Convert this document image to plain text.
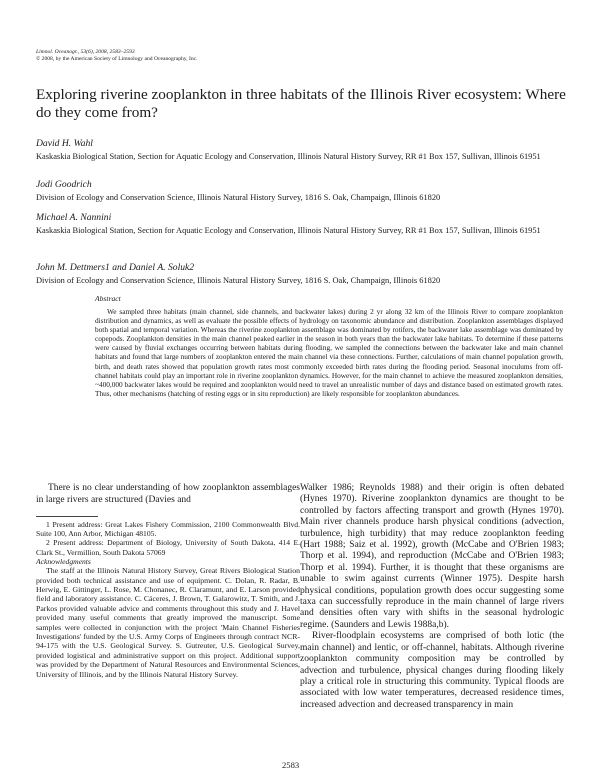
Limnol. Oceanogr., 53(6), 2008, 2583–2593
© 2008, by the American Society of Limnology and Oceanography, Inc.
Exploring riverine zooplankton in three habitats of the Illinois River ecosystem: Where do they come from?
David H. Wahl
Kaskaskia Biological Station, Section for Aquatic Ecology and Conservation, Illinois Natural History Survey, RR #1 Box 157, Sullivan, Illinois 61951
Jodi Goodrich
Division of Ecology and Conservation Science, Illinois Natural History Survey, 1816 S. Oak, Champaign, Illinois 61820
Michael A. Nannini
Kaskaskia Biological Station, Section for Aquatic Ecology and Conservation, Illinois Natural History Survey, RR #1 Box 157, Sullivan, Illinois 61951
John M. Dettmers1 and Daniel A. Soluk2
Division of Ecology and Conservation Science, Illinois Natural History Survey, 1816 S. Oak, Champaign, Illinois 61820
Abstract

We sampled three habitats (main channel, side channels, and backwater lakes) during 2 yr along 32 km of the Illinois River to compare zooplankton distribution and dynamics, as well as evaluate the possible effects of hydrology on taxonomic abundance and distribution. Zooplankton assemblages displayed both spatial and temporal variation. Whereas the riverine zooplankton assemblage was dominated by rotifers, the backwater lake assemblage was dominated by copepods. Zooplankton densities in the main channel peaked earlier in the season in both years than the backwater lake habitats. To determine if these patterns were caused by fluvial exchanges occurring between habitats during flooding, we sampled the connections between the backwater lake and main channel habitats and found that large numbers of zooplankton entered the main channel via these connections. Further, calculations of main channel population growth, birth, and death rates showed that population growth rates most commonly exceeded birth rates during the flooding period. Seasonal inoculums from off-channel habitats could play an important role in riverine zooplankton dynamics. However, for the main channel to achieve the measured zooplankton densities, ~400,000 backwater lakes would be required and zooplankton would need to travel an unrealistic number of days and distance based on estimated growth rates. Thus, other mechanisms (hatching of resting eggs or in situ reproduction) are likely responsible for zooplankton abundances.

There is no clear understanding of how zooplankton assemblages in large rivers are structured (Davies and

1 Present address: Great Lakes Fishery Commission, 2100 Commonwealth Blvd. Suite 100, Ann Arbor, Michigan 48105.

2 Present address: Department of Biology, University of South Dakota, 414 E. Clark St., Vermillion, South Dakota 57069

Acknowledgments

The staff at the Illinois Natural History Survey, Great Rivers Biological Station provided both technical assistance and use of equipment. C. Dolan, R. Radar, B. Herwig, E. Gittinger, L. Rose, M. Chonanec, R. Claramunt, and E. Larson provided field and laboratory assistance. C. Cáceres, J. Brown, T. Galarowitz, T. Smith, and J. Parkos provided valuable advice and comments throughout this study and J. Havel provided many useful comments that greatly improved the manuscript. Some samples were collected in conjunction with the project 'Main Channel Fisheries Investigations' funded by the U.S. Army Corps of Engineers through contract NCR-94-175 with the U.S. Geological Survey. S. Gutreuter, U.S. Geological Survey, provided logistical and administrative support on this project. Additional support was provided by the Department of Natural Resources and Environmental Sciences, University of Illinois, and by the Illinois Natural History Survey.

Walker 1986; Reynolds 1988) and their origin is often debated (Hynes 1970). Riverine zooplankton dynamics are thought to be controlled by factors affecting transport and growth (Hynes 1970). Main river channels produce harsh physical conditions (advection, turbulence, high turbidity) that may reduce zooplankton feeding (Hart 1988; Saiz et al. 1992), growth (McCabe and O'Brien 1983; Thorp et al. 1994), and reproduction (McCabe and O'Brien 1983; Thorp et al. 1994). Further, it is thought that these organisms are unable to swim against currents (Winner 1975). Despite harsh physical conditions, population growth does occur suggesting some taxa can successfully reproduce in the main channel of large rivers and densities often vary with shifts in the seasonal hydrologic regime. (Saunders and Lewis 1988a,b).

River-floodplain ecosystems are comprised of both lotic (the main channel) and lentic, or off-channel, habitats. Although riverine zooplankton community composition may be controlled by advection and turbulence, physical changes during flooding likely play a critical role in structuring this community. Typical floods are associated with low water temperatures, decreased residence times, increased advection and decreased transparency in main

2583
